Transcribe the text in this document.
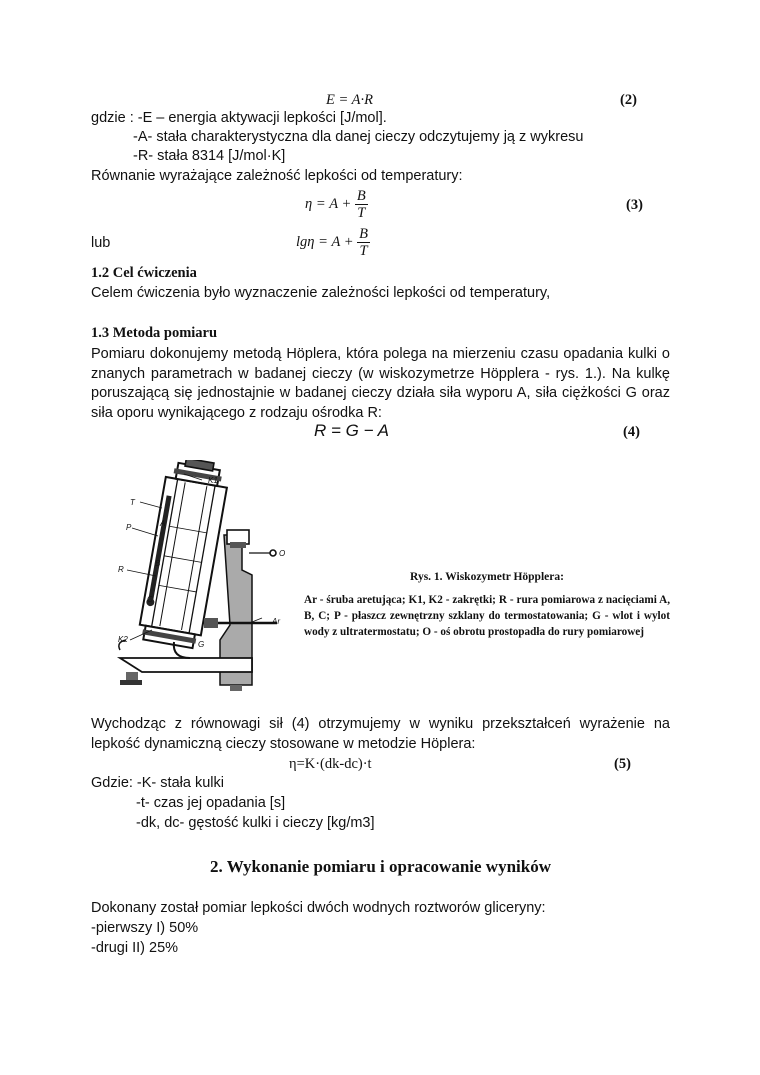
E = A·R	(2)
gdzie : -E – energia aktywacji lepkości [J/mol].
-A- stała charakterystyczna dla danej cieczy odczytujemy ją z wykresu
-R- stała 8314 [J/mol·K]
Równanie wyrażające zależność lepkości od temperatury:
$\eta = A + \frac{B}{T}$	(3)
lub	$\lg\eta = A + \frac{B}{T}$
1.2 Cel ćwiczenia
Celem ćwiczenia było wyznaczenie zależności lepkości od temperatury,
1.3 Metoda pomiaru
Pomiaru dokonujemy metodą Höplera, która polega na mierzeniu czasu opadania kulki o znanych parametrach w badanej cieczy (w wiskozymetrze Höpplera - rys. 1.). Na kulkę poruszającą się jednostajnie w badanej cieczy działa siła wyporu A, siła ciężkości G oraz siła oporu wynikającego z rodzaju ośrodka R:
R = G − A	(4)
K1
T
A
P
B
R
C
K2
G
O
Ar
Rys. 1. Wiskozymetr Höpplera:
Ar - śruba aretująca; K1, K2 - zakrętki; R - rura pomiarowa z nacięciami A, B, C; P - płaszcz zewnętrzny szklany do termostatowania; G - wlot i wylot wody z ultratermostatu; O - oś obrotu prostopadła do rury pomiarowej
Wychodząc z równowagi sił (4) otrzymujemy w wyniku przekształceń wyrażenie na lepkość dynamiczną cieczy stosowane w metodzie Höplera:
η=K·(dk-dc)·t	(5)
Gdzie: -K- stała kulki
-t- czas jej opadania [s]
-dk, dc- gęstość kulki i cieczy [kg/m3]
2. Wykonanie pomiaru i opracowanie wyników
Dokonany został pomiar lepkości dwóch wodnych roztworów gliceryny:
-pierwszy I) 50%
-drugi II) 25%
